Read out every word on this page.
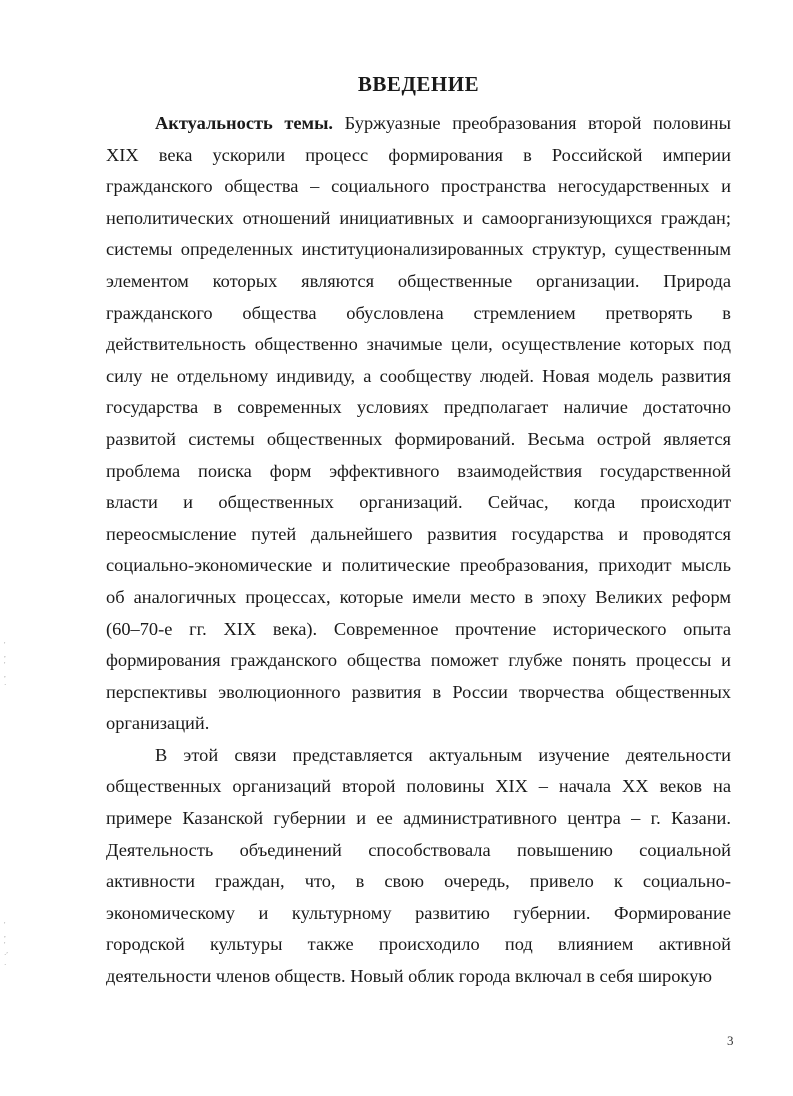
ВВЕДЕНИЕ

Актуальность темы. Буржуазные преобразования второй половины
XIX века ускорили процесс формирования в Российской империи
гражданского общества – социального пространства негосударственных и
неполитических отношений инициативных и самоорганизующихся граждан;
системы определенных институционализированных структур, существенным
элементом которых являются общественные организации. Природа
гражданского общества обусловлена стремлением претворять в
действительность общественно значимые цели, осуществление которых под
силу не отдельному индивиду, а сообществу людей. Новая модель развития
государства в современных условиях предполагает наличие достаточно
развитой системы общественных формирований. Весьма острой является
проблема поиска форм эффективного взаимодействия государственной
власти и общественных организаций. Сейчас, когда происходит
переосмысление путей дальнейшего развития государства и проводятся
социально-экономические и политические преобразования, приходит мысль
об аналогичных процессах, которые имели место в эпоху Великих реформ
(60–70-е гг. XIX века). Современное прочтение исторического опыта
формирования гражданского общества поможет глубже понять процессы и
перспективы эволюционного развития в России творчества общественных
организаций.

В этой связи представляется актуальным изучение деятельности
общественных организаций второй половины XIX – начала XX веков на
примере Казанской губернии и ее административного центра – г. Казани.
Деятельность объединений способствовала повышению социальной
активности граждан, что, в свою очередь, привело к социально-
экономическому и культурному развитию губернии. Формирование
городской культуры также происходило под влиянием активной
деятельности членов обществ. Новый облик города включал в себя широкую

′
,
′
,
·
′
,
′
·′
·
3
